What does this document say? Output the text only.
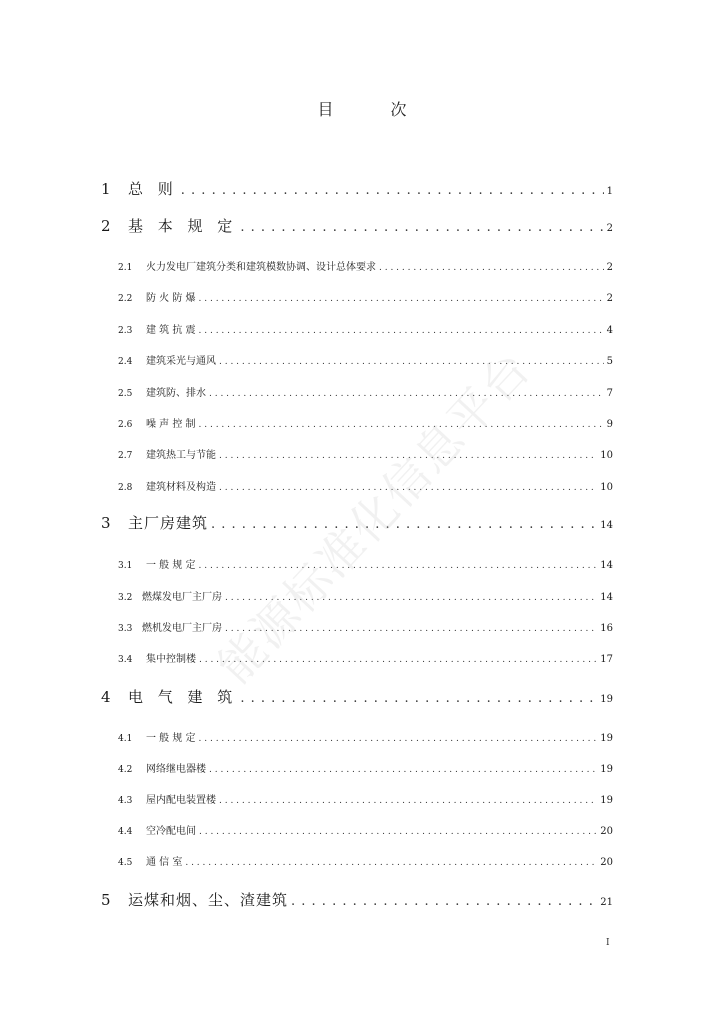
目 次
1	总 则 . . .	1
2	基 本 规 定 . . .	2
2.1	火力发电厂建筑分类和建筑模数协调、设计总体要求 . . .	2
2.2	防 火 防 爆 . . .	2
2.3	建 筑 抗 震 . . .	4
2.4	建筑采光与通风 . . .	5
2.5	建筑防、排水 . . .	7
2.6	噪 声 控 制 . . .	9
2.7	建筑热工与节能 . . .	10
2.8	建筑材料及构造 . . .	10
3	主厂房建筑 . . .	14
3.1	一 般 规 定 . . .	14
3.2 燃煤发电厂主厂房 . . .	14
3.3 燃机发电厂主厂房 . . .	16
3.4	集中控制楼 . . .	17
4	电 气 建 筑 . . .	19
4.1	一 般 规 定 . . .	19
4.2	网络继电器楼 . . .	19
4.3	屋内配电装置楼 . . .	19
4.4	空冷配电间 . . .	20
4.5	通 信 室 . . .	20
5	运煤和烟、尘、渣建筑 . . .	21
能源标准化信息平台
I
